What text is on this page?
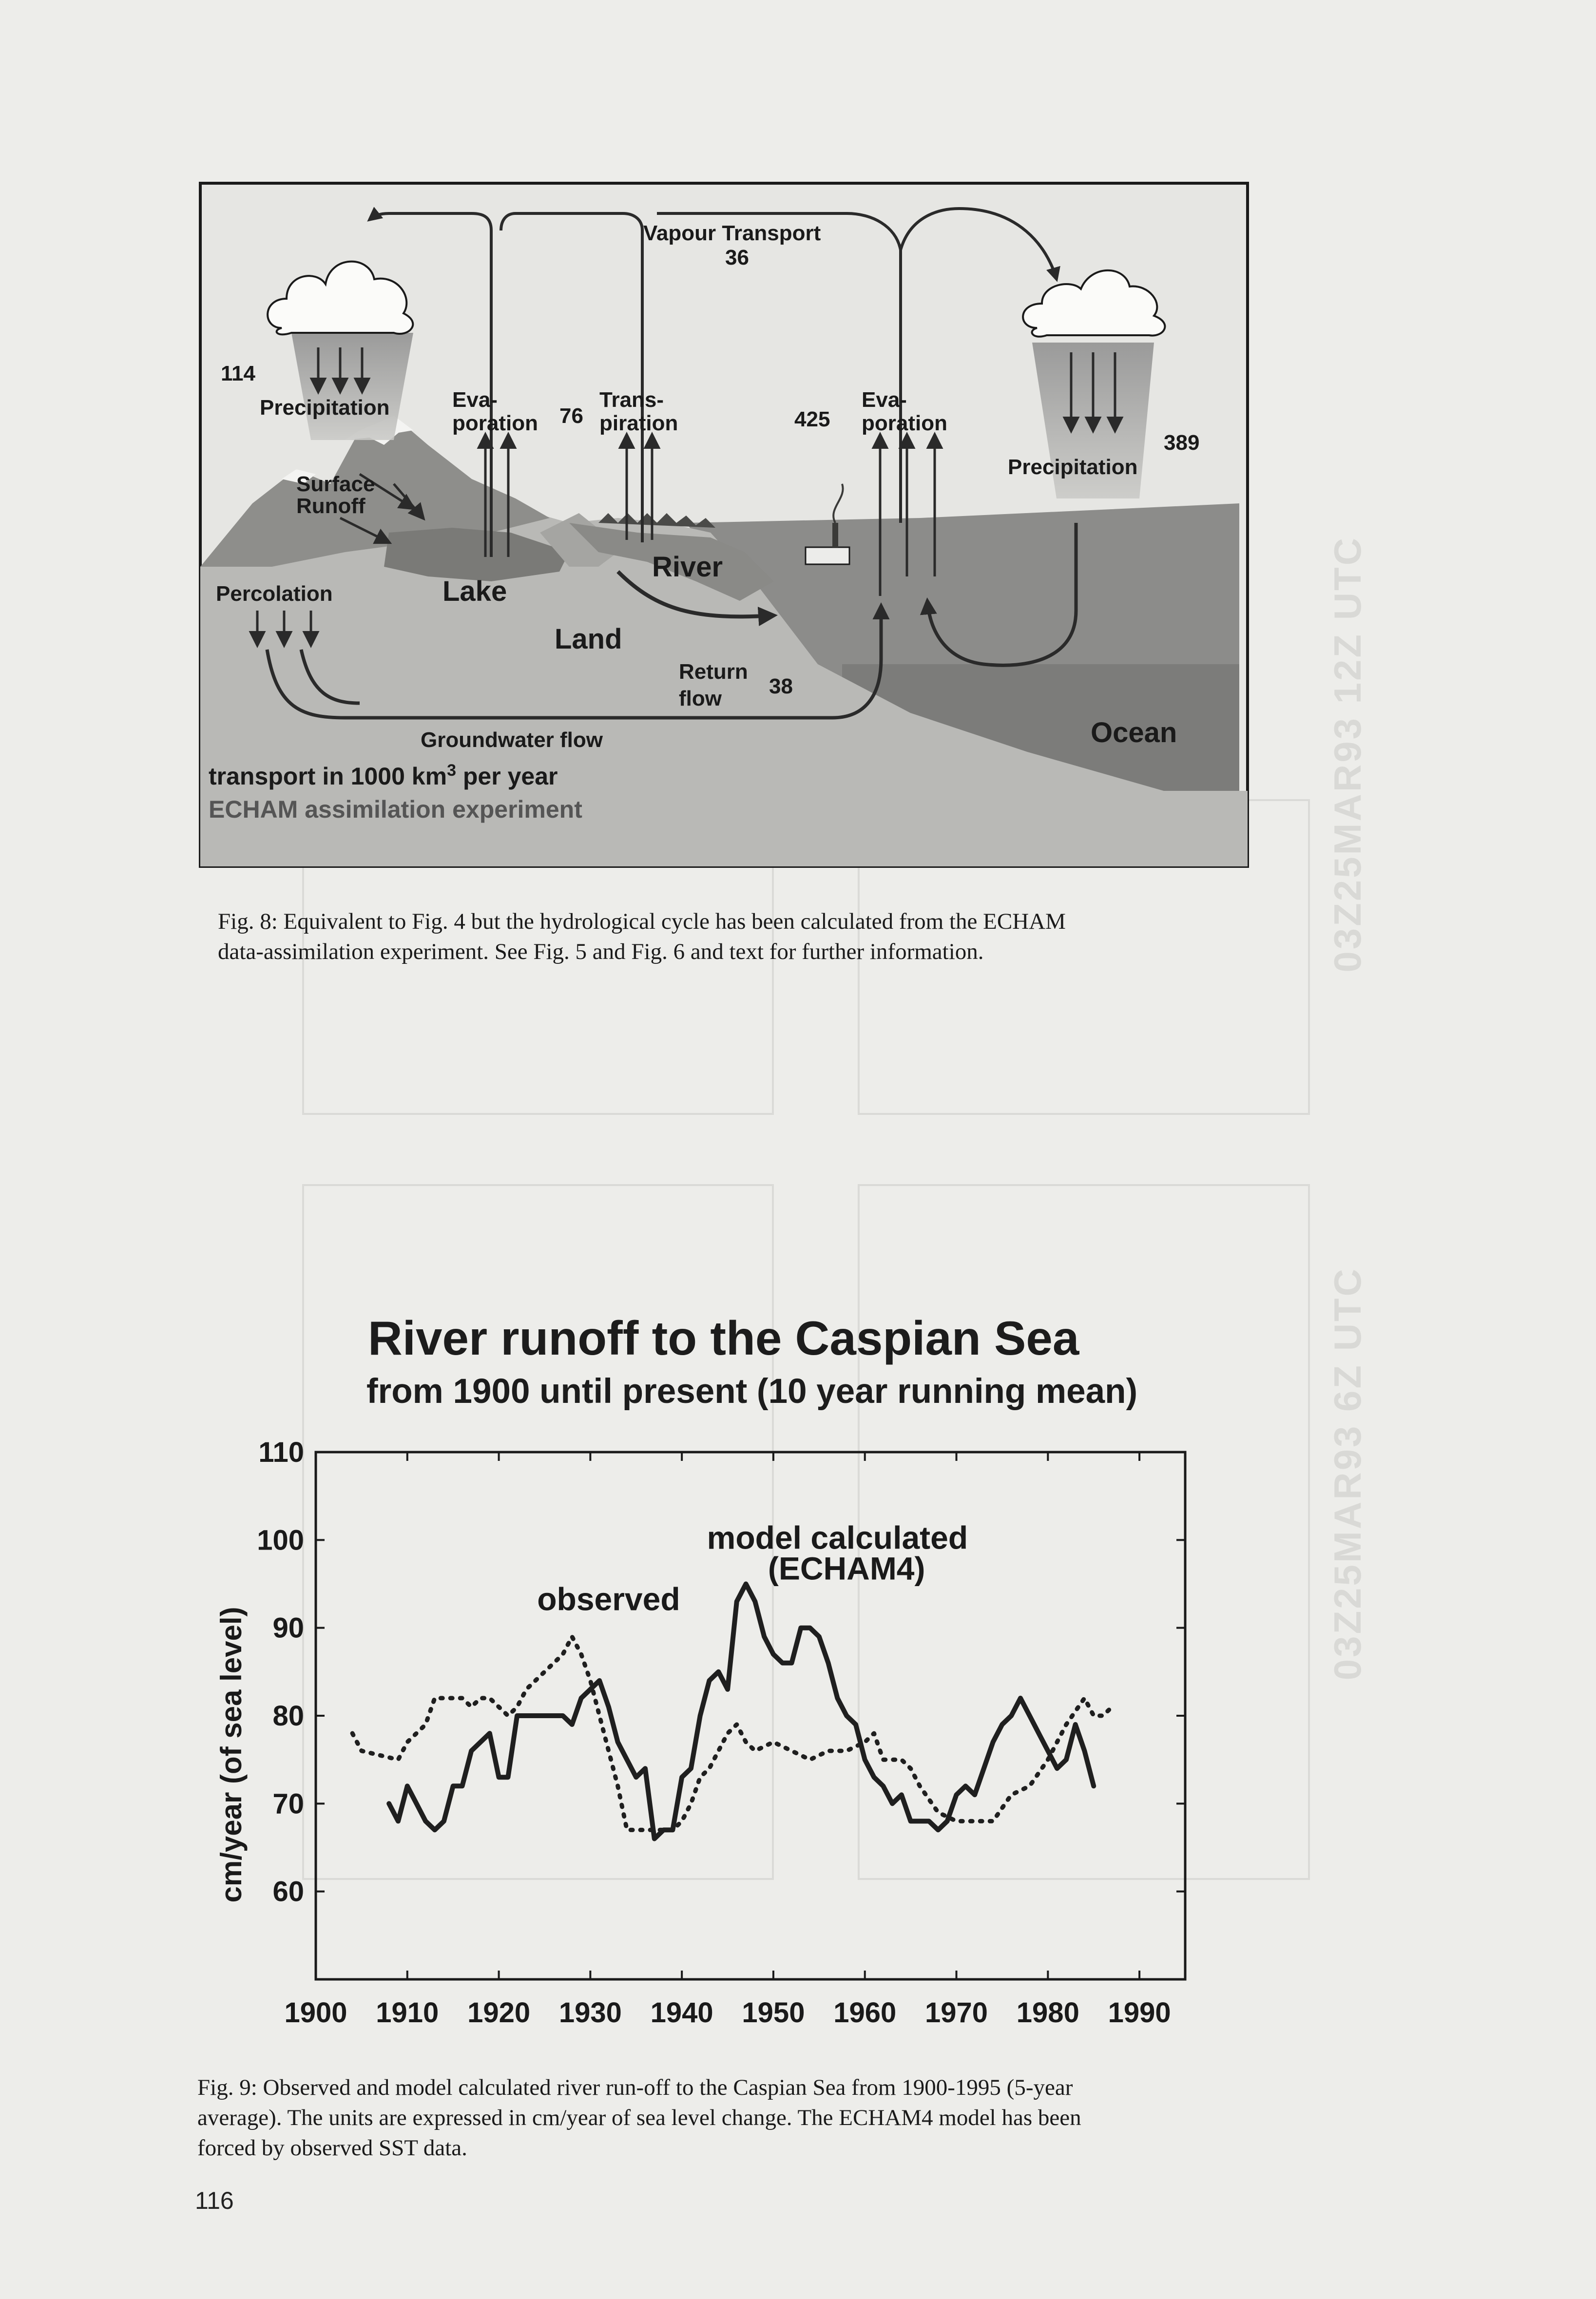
03Z25MAR93 12Z UTC
03Z25MAR93 6Z UTC
Vapour Transport
36
114
Precipitation	Eva-
poration 76
Trans-
piration	425
Eva-
poration
389
Precipitation
Surface
Runoff
Percolation	Lake
River
Land
Return
flow
38
Groundwater flow	Ocean
transport in 1000 $km^3$ per year
ECHAM assimilation experiment
Fig. 8: Equivalent to Fig. 4 but the hydrological cycle has been calculated from the ECHAM
data-assimilation experiment. See Fig. 5 and Fig. 6 and text for further information.
River runoff to the Caspian Sea
from 1900 until present (10 year running mean)
1900 1910 1920 1930 1940 1950 1960 1970 1980 1990
60
70
80
90
100
110
cm/year (of sea level)
observed
model calculated
(ECHAM4)
Fig. 9: Observed and model calculated river run-off to the Caspian Sea from 1900-1995 (5-year
average). The units are expressed in cm/year of sea level change. The ECHAM4 model has been
forced by observed SST data.
116
